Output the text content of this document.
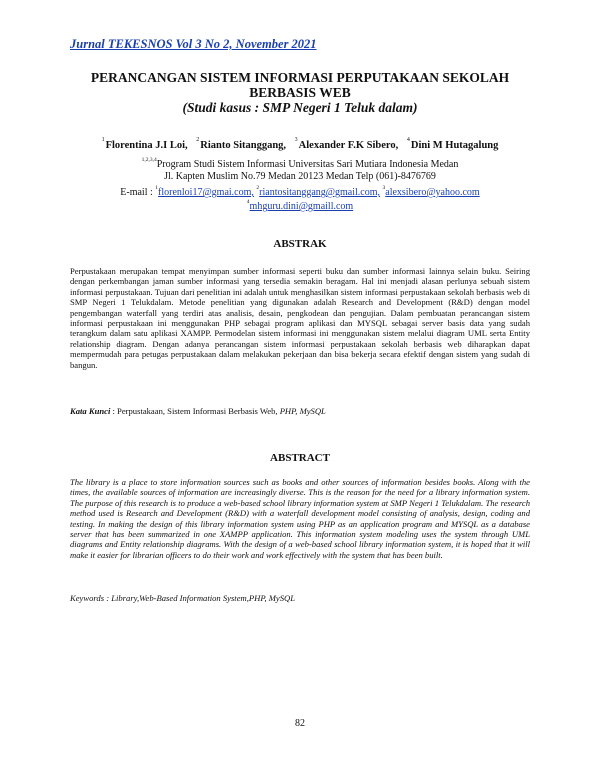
Jurnal TEKESNOS Vol 3 No 2, November 2021
PERANCANGAN SISTEM INFORMASI PERPUTAKAAN SEKOLAH
BERBASIS WEB
(Studi kasus : SMP Negeri 1 Teluk dalam)
$^1$Florentina J.I Loi, $^2$Rianto Sitanggang, $^3$Alexander F.K Sibero, $^4$Dini M Hutagalung
$^{1,2,3,4}$Program Studi Sistem Informasi Universitas Sari Mutiara Indonesia Medan
Jl. Kapten Muslim No.79 Medan 20123 Medan Telp (061)-8476769
E-mail : $^1$florenloi17@gmai.com, $^2$riantositanggang@gmail.com, $^3$alexsibero@yahoo.com
$^4$mhguru.dini@gmaill.com
ABSTRAK
Perpustakaan merupakan tempat menyimpan sumber informasi seperti buku dan sumber informasi lainnya selain buku. Seiring dengan perkembangan jaman sumber informasi yang tersedia semakin beragam. Hal ini menjadi alasan perlunya sebuah sistem informasi perpustakaan. Tujuan dari penelitian ini adalah untuk menghasilkan sistem informasi perpustakaan sekolah berbasis web di SMP Negeri 1 Telukdalam. Metode penelitian yang digunakan adalah Research and Development (R&D) dengan model pengembangan waterfall yang terdiri atas analisis, desain, pengkodean dan pengujian. Dalam pembuatan perancangan sistem informasi perpustakaan ini menggunakan PHP sebagai program aplikasi dan MYSQL sebagai server basis data yang sudah terangkum dalam satu aplikasi XAMPP. Permodelan sistem informasi ini menggunakan sistem melalui diagram UML serta Entity relationship diagram. Dengan adanya perancangan sistem informasi perpustakaan sekolah berbasis web diharapkan dapat mempermudah para petugas perpustakaan dalam melakukan pekerjaan dan bisa bekerja secara efektif dengan sistem yang sudah di bangun.
Kata Kunci : Perpustakaan, Sistem Informasi Berbasis Web, PHP, MySQL
ABSTRACT
The library is a place to store information sources such as books and other sources of information besides books. Along with the times, the available sources of information are increasingly diverse. This is the reason for the need for a library information system. The purpose of this research is to produce a web-based school library information system at SMP Negeri 1 Telukdalam. The research method used is Research and Development (R&D) with a waterfall development model consisting of analysis, design, coding and testing. In making the design of this library information system using PHP as an application program and MYSQL as a database server that has been summarized in one XAMPP application. This information system modeling uses the system through UML diagrams and Entity relationship diagrams. With the design of a web-based school library information system, it is hoped that it will make it easier for librarian officers to do their work and work effectively with the system that has been built.
Keywords : Library,Web-Based Information System,PHP, MySQL
82
